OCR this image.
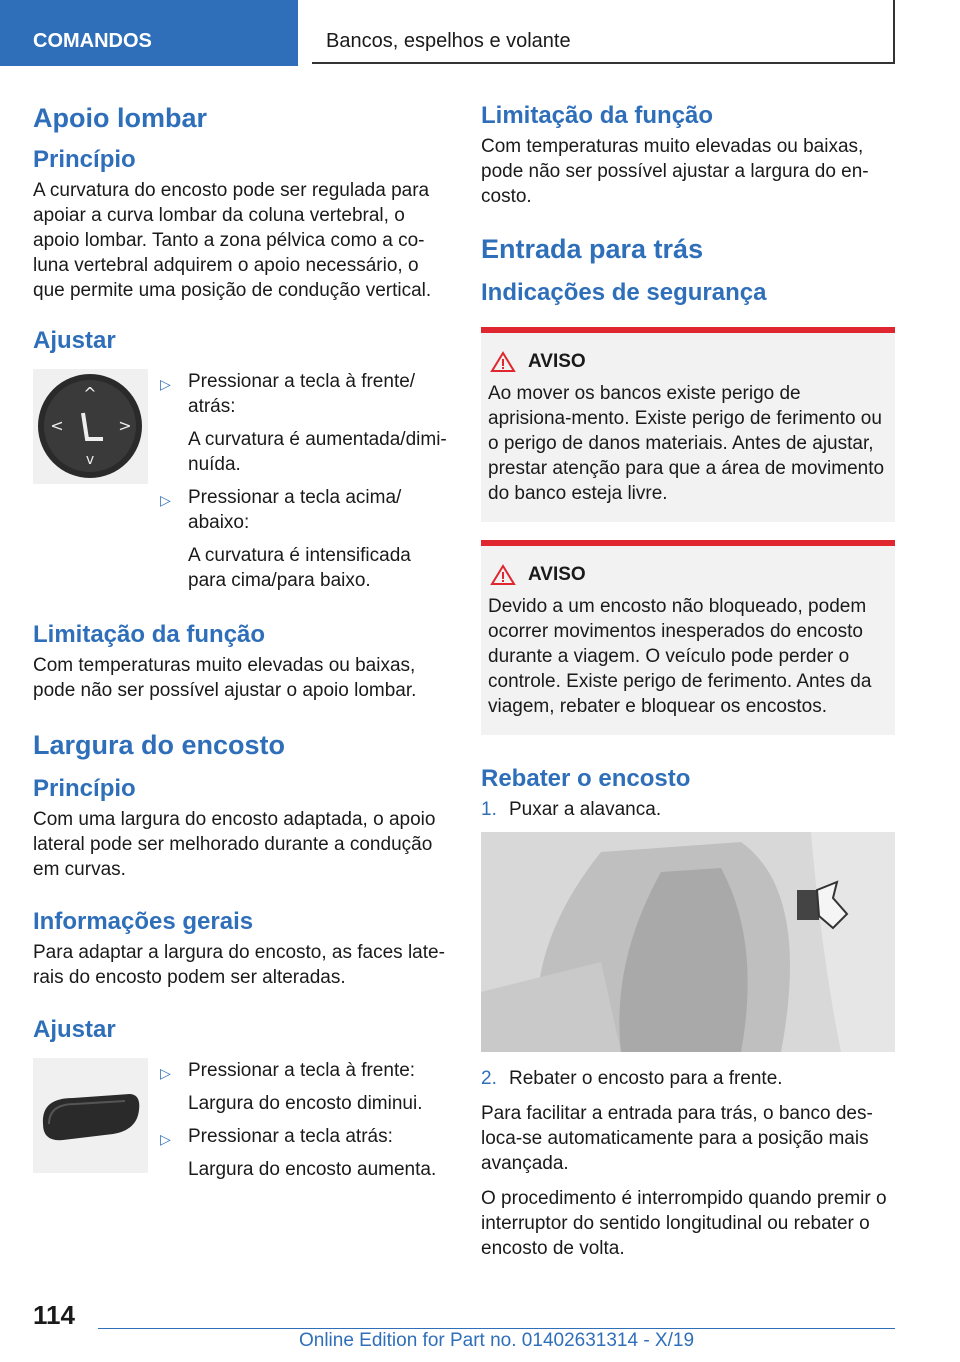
COMANDOS	Bancos, espelhos e volante
Apoio lombar
Princípio

A curvatura do encosto pode ser regulada para apoiar a curva lombar da coluna vertebral, o apoio lombar. Tanto a zona pélvica como a co-luna vertebral adquirem o apoio necessário, o que permite uma posição de condução vertical.

Ajustar
^
v
<	>
▷ Pressionar a tecla à frente/ atrás:
A curvatura é aumentada/dimi-nuída.
▷ Pressionar a tecla acima/ abaixo:
A curvatura é intensificada para cima/para baixo.
Limitação da função

Com temperaturas muito elevadas ou baixas, pode não ser possível ajustar o apoio lombar.

Largura do encosto
Princípio

Com uma largura do encosto adaptada, o apoio lateral pode ser melhorado durante a condução em curvas.

Informações gerais

Para adaptar a largura do encosto, as faces late-rais do encosto podem ser alteradas.

Ajustar
▷ Pressionar a tecla à frente:
Largura do encosto diminui.
▷ Pressionar a tecla atrás:
Largura do encosto aumenta.
Limitação da função

Com temperaturas muito elevadas ou baixas, pode não ser possível ajustar a largura do en-costo.

Entrada para trás
Indicações de segurança
AVISO

Ao mover os bancos existe perigo de aprisiona-mento. Existe perigo de ferimento ou o perigo de danos materiais. Antes de ajustar, prestar atenção para que a área de movimento do banco esteja livre.

AVISO

Devido a um encosto não bloqueado, podem ocorrer movimentos inesperados do encosto durante a viagem. O veículo pode perder o controle. Existe perigo de ferimento. Antes da viagem, rebater e bloquear os encostos.

Rebater o encosto
1. Puxar a alavanca.
2. Rebater o encosto para a frente.

Para facilitar a entrada para trás, o banco des-loca-se automaticamente para a posição mais avançada.

O procedimento é interrompido quando premir o interruptor do sentido longitudinal ou rebater o encosto de volta.

114
Online Edition for Part no. 01402631314 - X/19
